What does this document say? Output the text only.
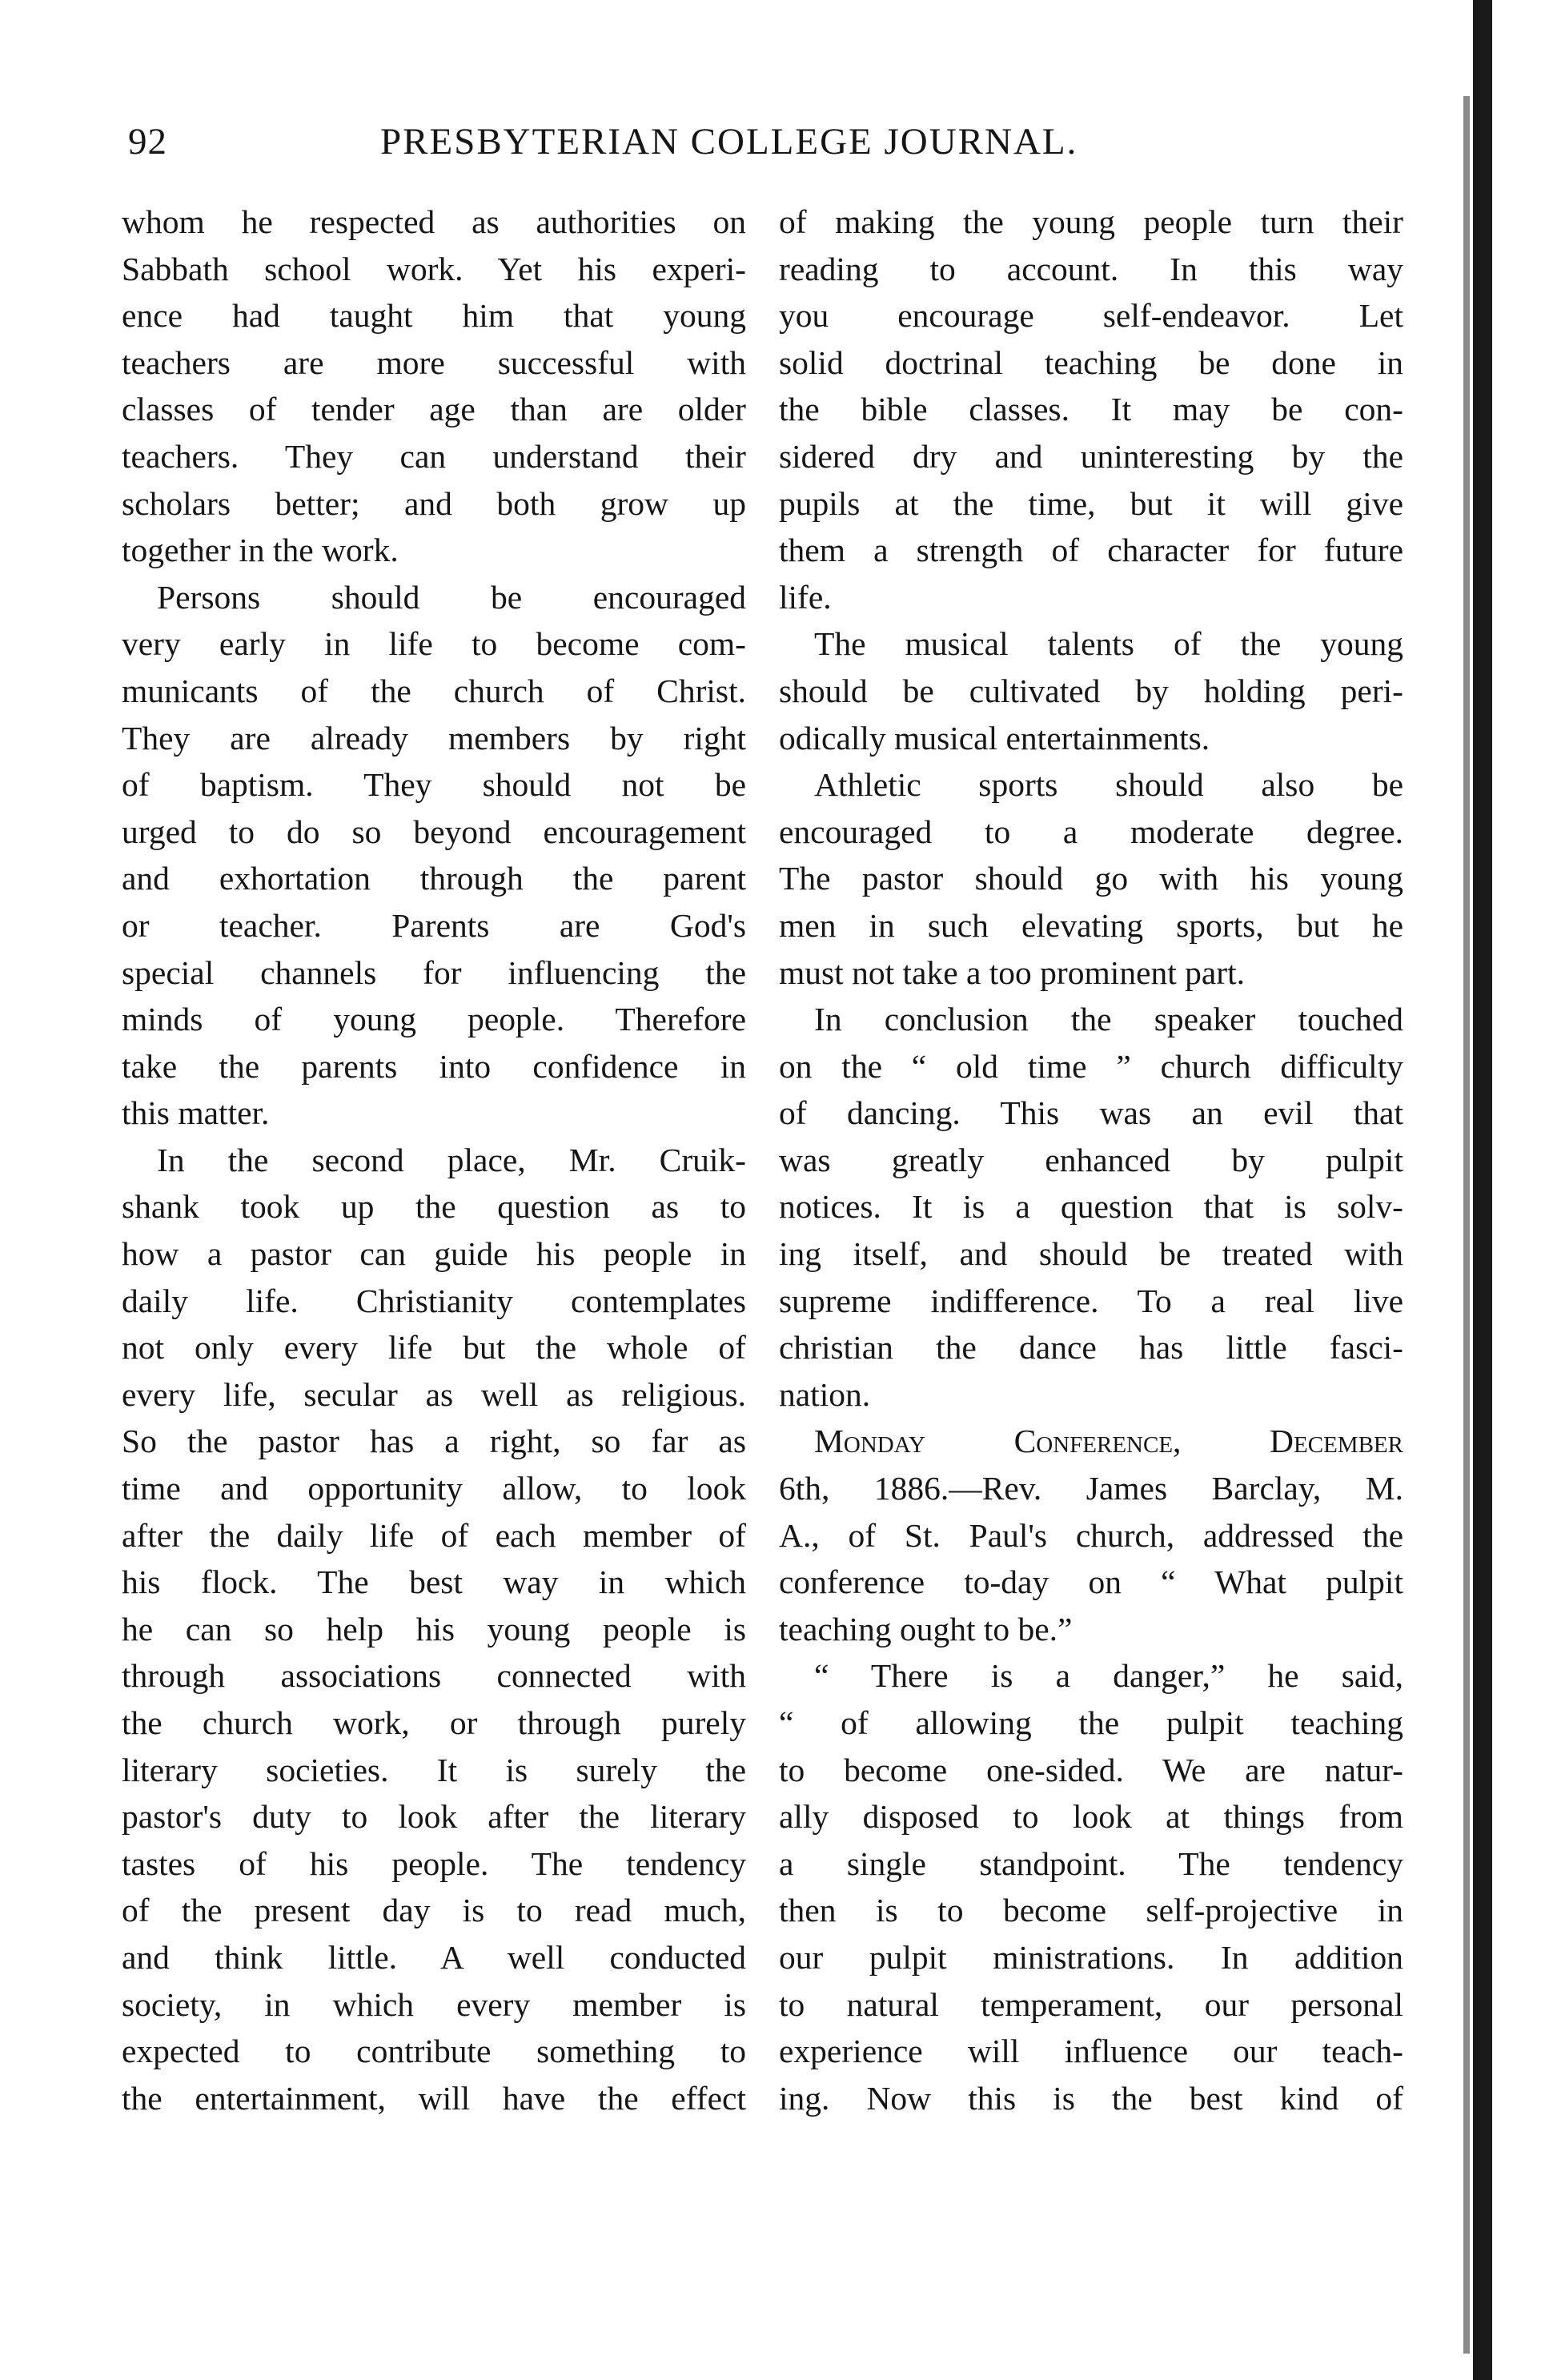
92	PRESBYTERIAN COLLEGE JOURNAL.
whom he respected as authorities on
Sabbath school work. Yet his experi-
ence had taught him that young
teachers are more successful with
classes of tender age than are older
teachers. They can understand their
scholars better; and both grow up
together in the work.
Persons should be encouraged
very early in life to become com-
municants of the church of Christ.
They are already members by right
of baptism. They should not be
urged to do so beyond encouragement
and exhortation through the parent
or teacher. Parents are God's
special channels for influencing the
minds of young people. Therefore
take the parents into confidence in
this matter.
In the second place, Mr. Cruik-
shank took up the question as to
how a pastor can guide his people in
daily life. Christianity contemplates
not only every life but the whole of
every life, secular as well as religious.
So the pastor has a right, so far as
time and opportunity allow, to look
after the daily life of each member of
his flock. The best way in which
he can so help his young people is
through associations connected with
the church work, or through purely
literary societies. It is surely the
pastor's duty to look after the literary
tastes of his people. The tendency
of the present day is to read much,
and think little. A well conducted
society, in which every member is
expected to contribute something to
the entertainment, will have the effect
of making the young people turn their
reading to account. In this way
you encourage self-endeavor. Let
solid doctrinal teaching be done in
the bible classes. It may be con-
sidered dry and uninteresting by the
pupils at the time, but it will give
them a strength of character for future
life.
The musical talents of the young
should be cultivated by holding peri-
odically musical entertainments.
Athletic sports should also be
encouraged to a moderate degree.
The pastor should go with his young
men in such elevating sports, but he
must not take a too prominent part.
In conclusion the speaker touched
on the “ old time ” church difficulty
of dancing. This was an evil that
was greatly enhanced by pulpit
notices. It is a question that is solv-
ing itself, and should be treated with
supreme indifference. To a real live
christian the dance has little fasci-
nation.
Monday Conference, December
6th, 1886.—Rev. James Barclay, M.
A., of St. Paul's church, addressed the
conference to-day on “ What pulpit
teaching ought to be.”
“ There is a danger,” he said,
“ of allowing the pulpit teaching
to become one-sided. We are natur-
ally disposed to look at things from
a single standpoint. The tendency
then is to become self-projective in
our pulpit ministrations. In addition
to natural temperament, our personal
experience will influence our teach-
ing. Now this is the best kind of
